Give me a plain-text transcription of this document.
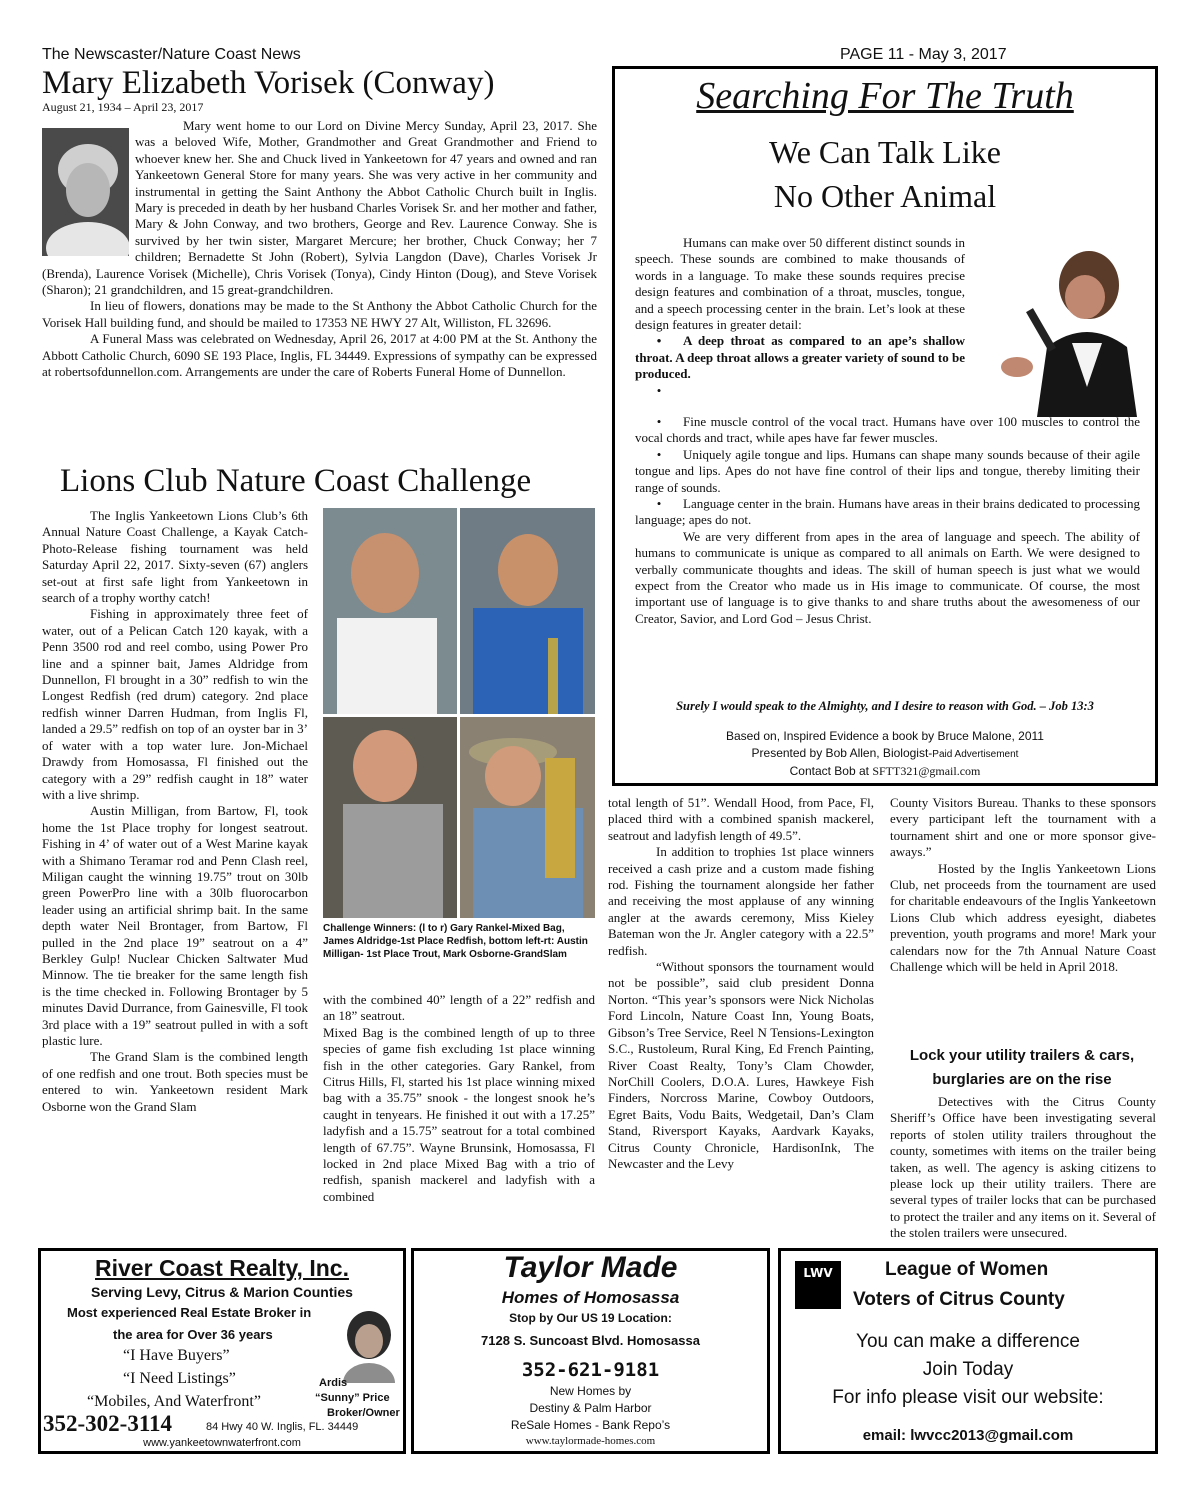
The Newscaster/Nature Coast News	PAGE 11 - May 3, 2017
Mary Elizabeth Vorisek (Conway)
August 21, 1934 – April 23, 2017

Mary went home to our Lord on Divine Mercy Sunday, April 23, 2017. She was a beloved Wife, Mother, Grandmother and Great Grandmother and Friend to whoever knew her. She and Chuck lived in Yankeetown for 47 years and owned and ran Yankeetown General Store for many years. She was very active in her community and instrumental in getting the Saint Anthony the Abbot Catholic Church built in Inglis. Mary is preceded in death by her husband Charles Vorisek Sr. and her mother and father, Mary & John Conway, and two brothers, George and Rev. Laurence Conway. She is survived by her twin sister, Margaret Mercure; her brother, Chuck Conway; her 7 children; Bernadette St John (Robert), Sylvia Langdon (Dave), Charles Vorisek Jr (Brenda), Laurence Vorisek (Michelle), Chris Vorisek (Tonya), Cindy Hinton (Doug), and Steve Vorisek (Sharon); 21 grandchildren, and 15 great-grandchildren.

In lieu of flowers, donations may be made to the St Anthony the Abbot Catholic Church for the Vorisek Hall building fund, and should be mailed to 17353 NE HWY 27 Alt, Williston, FL 32696.

A Funeral Mass was celebrated on Wednesday, April 26, 2017 at 4:00 PM at the St. Anthony the Abbott Catholic Church, 6090 SE 193 Place, Inglis, FL 34449. Expressions of sympathy can be expressed at robertsofdunnellon.com. Arrangements are under the care of Roberts Funeral Home of Dunnellon.

Lions Club Nature Coast Challenge

The Inglis Yankeetown Lions Club’s 6th Annual Nature Coast Challenge, a Kayak Catch-Photo-Release fishing tournament was held Saturday April 22, 2017. Sixty-seven (67) anglers set-out at first safe light from Yankeetown in search of a trophy worthy catch!

Fishing in approximately three feet of water, out of a Pelican Catch 120 kayak, with a Penn 3500 rod and reel combo, using Power Pro line and a spinner bait, James Aldridge from Dunnellon, Fl brought in a 30” redfish to win the Longest Redfish (red drum) category. 2nd place redfish winner Darren Hudman, from Inglis Fl, landed a 29.5” redfish on top of an oyster bar in 3’ of water with a top water lure. Jon-Michael Drawdy from Homosassa, Fl finished out the category with a 29” redfish caught in 18” water with a live shrimp.

Austin Milligan, from Bartow, Fl, took home the 1st Place trophy for longest seatrout. Fishing in 4’ of water out of a West Marine kayak with a Shimano Teramar rod and Penn Clash reel, Miligan caught the winning 19.75” trout on 30lb green PowerPro line with a 30lb fluorocarbon leader using an artificial shrimp bait. In the same depth water Neil Brontager, from Bartow, Fl pulled in the 2nd place 19” seatrout on a 4” Berkley Gulp! Nuclear Chicken Saltwater Mud Minnow. The tie breaker for the same length fish is the time checked in. Following Brontager by 5 minutes David Durrance, from Gainesville, Fl took 3rd place with a 19” seatrout pulled in with a soft plastic lure.

The Grand Slam is the combined length of one redfish and one trout. Both species must be entered to win. Yankeetown resident Mark Osborne won the Grand Slam

Challenge Winners: (l to r) Gary Rankel-Mixed Bag, James Aldridge-1st Place Redfish, bottom left-rt: Austin Milligan- 1st Place Trout, Mark Osborne-GrandSlam

with the combined 40” length of a 22” redfish and an 18” seatrout.

Mixed Bag is the combined length of up to three species of game fish excluding 1st place winning fish in the other categories. Gary Rankel, from Citrus Hills, Fl, started his 1st place winning mixed bag with a 35.75” snook - the longest snook he’s caught in tenyears. He finished it out with a 17.25” ladyfish and a 15.75” seatrout for a total combined length of 67.75”. Wayne Brunsink, Homosassa, Fl locked in 2nd place Mixed Bag with a trio of redfish, spanish mackerel and ladyfish with a combined

total length of 51”. Wendall Hood, from Pace, Fl, placed third with a combined spanish mackerel, seatrout and ladyfish length of 49.5”.

In addition to trophies 1st place winners received a cash prize and a custom made fishing rod. Fishing the tournament alongside her father and receiving the most applause of any winning angler at the awards ceremony, Miss Kieley Bateman won the Jr. Angler category with a 22.5” redfish.

“Without sponsors the tournament would not be possible”, said club president Donna Norton. “This year’s sponsors were Nick Nicholas Ford Lincoln, Nature Coast Inn, Young Boats, Gibson’s Tree Service, Reel N Tensions-Lexington S.C., Rustoleum, Rural King, Ed French Painting, River Coast Realty, Tony’s Clam Chowder, NorChill Coolers, D.O.A. Lures, Hawkeye Fish Finders, Norcross Marine, Cowboy Outdoors, Egret Baits, Vodu Baits, Wedgetail, Dan’s Clam Stand, Riversport Kayaks, Aardvark Kayaks, Citrus County Chronicle, HardisonInk, The Newcaster and the Levy

County Visitors Bureau. Thanks to these sponsors every participant left the tournament with a tournament shirt and one or more sponsor give-aways.”

Hosted by the Inglis Yankeetown Lions Club, net proceeds from the tournament are used for charitable endeavours of the Inglis Yankeetown Lions Club which address eyesight, diabetes prevention, youth programs and more! Mark your calendars now for the 7th Annual Nature Coast Challenge which will be held in April 2018.

Lock your utility trailers & cars,
burglaries are on the rise

Detectives with the Citrus County Sheriff’s Office have been investigating several reports of stolen utility trailers throughout the county, sometimes with items on the trailer being taken, as well. The agency is asking citizens to please lock up their utility trailers. There are several types of trailer locks that can be purchased to protect the trailer and any items on it. Several of the stolen trailers were unsecured.

Searching For The Truth
We Can Talk Like
No Other Animal

Humans can make over 50 different distinct sounds in speech. These sounds are combined to make thousands of words in a language. To make these sounds requires precise design features and combination of a throat, muscles, tongue, and a speech processing center in the brain. Let’s look at these design features in greater detail:

• A deep throat as compared to an ape’s shallow throat. A deep throat allows a greater variety of sound to be produced.

•

• Fine muscle control of the vocal tract. Humans have over 100 muscles to control the vocal chords and tract, while apes have far fewer muscles.

• Uniquely agile tongue and lips. Humans can shape many sounds because of their agile tongue and lips. Apes do not have fine control of their lips and tongue, thereby limiting their range of sounds.

• Language center in the brain. Humans have areas in their brains dedicated to processing language; apes do not.

We are very different from apes in the area of language and speech. The ability of humans to communicate is unique as compared to all animals on Earth. We were designed to verbally communicate thoughts and ideas. The skill of human speech is just what we would expect from the Creator who made us in His image to communicate. Of course, the most important use of language is to give thanks to and share truths about the awesomeness of our Creator, Savior, and Lord God – Jesus Christ.

Surely I would speak to the Almighty, and I desire to reason with God. – Job 13:3
Based on, Inspired Evidence a book by Bruce Malone, 2011
Presented by Bob Allen, Biologist-Paid Advertisement
Contact Bob at SFTT321@gmail.com
River Coast Realty, Inc.
Serving Levy, Citrus & Marion Counties
Most experienced Real Estate Broker in
the area for Over 36 years
“I Have Buyers”
“I Need Listings”
“Mobiles, And Waterfront”
Ardis
“Sunny” Price
Broker/Owner
352-302-3114	84 Hwy 40 W. Inglis, FL. 34449
www.yankeetownwaterfront.com
Taylor Made
Homes of Homosassa
Stop by Our US 19 Location:
7128 S. Suncoast Blvd. Homosassa
352-621-9181
New Homes by
Destiny & Palm Harbor
ReSale Homes - Bank Repo’s
www.taylormade-homes.com
LWV	League of Women
Voters of Citrus County
You can make a difference
Join Today
For info please visit our website:
email: lwvcc2013@gmail.com
